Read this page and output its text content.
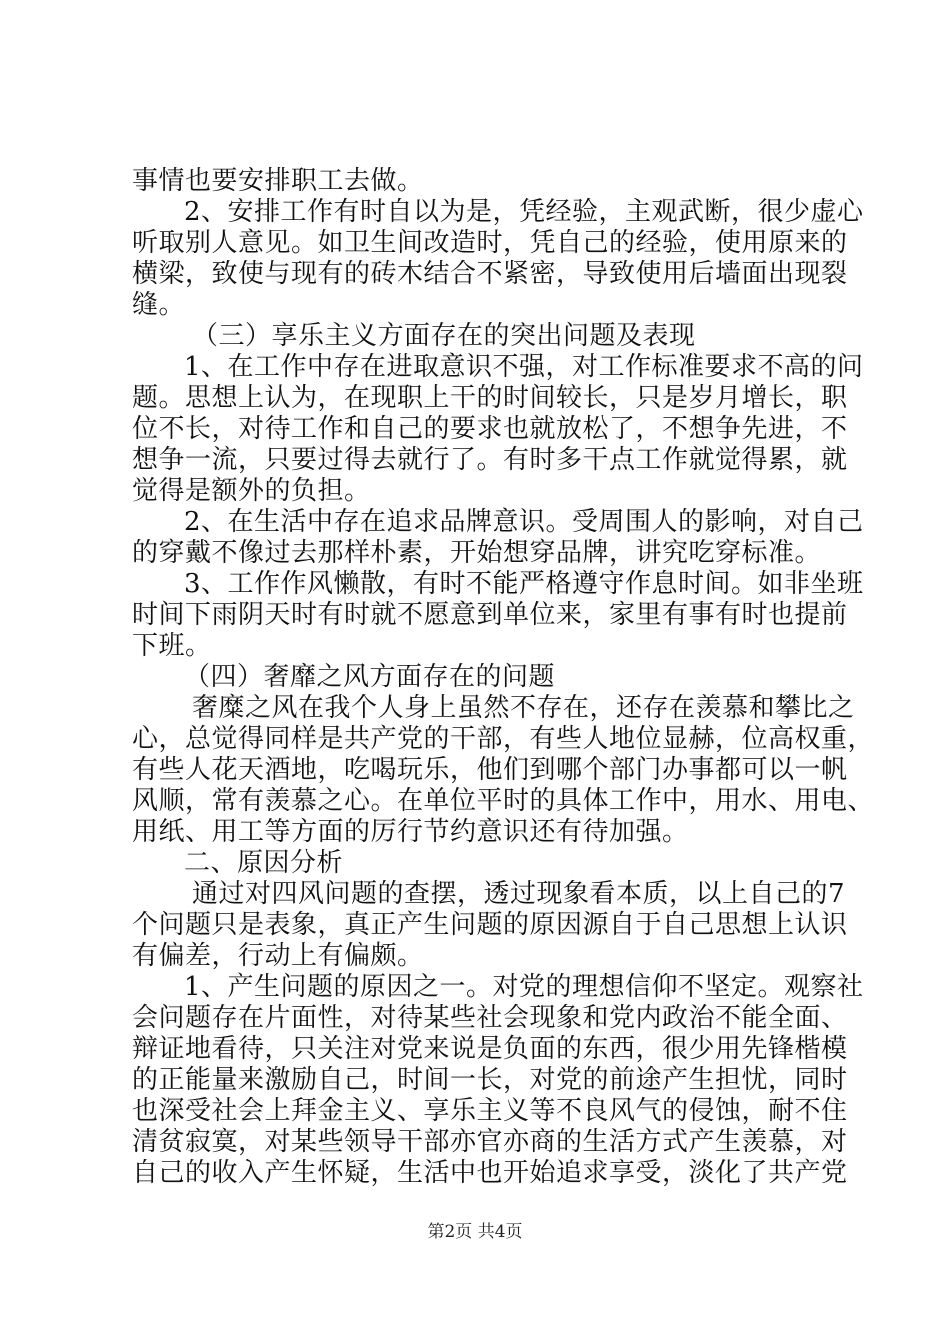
事情也要安排职工去做。
2、安排工作有时自以为是，凭经验，主观武断，很少虚心
听取别人意见。如卫生间改造时，凭自己的经验，使用原来的
横梁，致使与现有的砖木结合不紧密，导致使用后墙面出现裂
缝。
（三）享乐主义方面存在的突出问题及表现
1、在工作中存在进取意识不强，对工作标准要求不高的问
题。思想上认为，在现职上干的时间较长，只是岁月增长，职
位不长，对待工作和自己的要求也就放松了，不想争先进，不
想争一流，只要过得去就行了。有时多干点工作就觉得累，就
觉得是额外的负担。
2、在生活中存在追求品牌意识。受周围人的影响，对自己
的穿戴不像过去那样朴素，开始想穿品牌，讲究吃穿标准。
3、工作作风懒散，有时不能严格遵守作息时间。如非坐班
时间下雨阴天时有时就不愿意到单位来，家里有事有时也提前
下班。
（四）奢靡之风方面存在的问题
奢糜之风在我个人身上虽然不存在，还存在羡慕和攀比之
心，总觉得同样是共产党的干部，有些人地位显赫，位高权重，
有些人花天酒地，吃喝玩乐，他们到哪个部门办事都可以一帆
风顺，常有羡慕之心。在单位平时的具体工作中，用水、用电、
用纸、用工等方面的厉行节约意识还有待加强。
二、原因分析
通过对四风问题的查摆，透过现象看本质，以上自己的7
个问题只是表象，真正产生问题的原因源自于自己思想上认识
有偏差，行动上有偏颇。
1、产生问题的原因之一。对党的理想信仰不坚定。观察社
会问题存在片面性，对待某些社会现象和党内政治不能全面、
辩证地看待，只关注对党来说是负面的东西，很少用先锋楷模
的正能量来激励自己，时间一长，对党的前途产生担忧，同时
也深受社会上拜金主义、享乐主义等不良风气的侵蚀，耐不住
清贫寂寞，对某些领导干部亦官亦商的生活方式产生羡慕，对
自己的收入产生怀疑，生活中也开始追求享受，淡化了共产党
第2页 共4页
